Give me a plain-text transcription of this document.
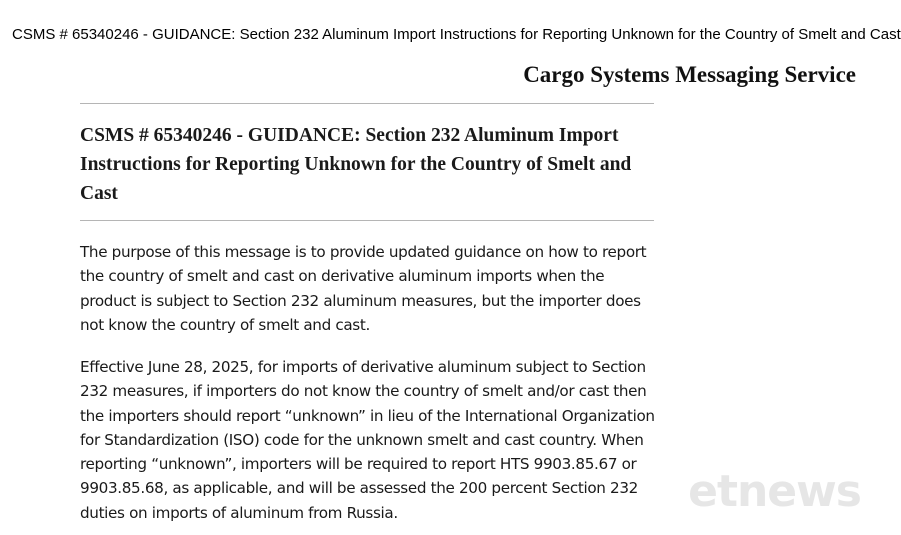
CSMS # 65340246 - GUIDANCE: Section 232 Aluminum Import Instructions for Reporting Unknown for the Country of Smelt and Cast
Cargo Systems Messaging Service
CSMS # 65340246 - GUIDANCE: Section 232 Aluminum Import Instructions for Reporting Unknown for the Country of Smelt and Cast

The purpose of this message is to provide updated guidance on how to report the country of smelt and cast on derivative aluminum imports when the product is subject to Section 232 aluminum measures, but the importer does not know the country of smelt and cast.

Effective June 28, 2025, for imports of derivative aluminum subject to Section 232 measures, if importers do not know the country of smelt and/or cast then the importers should report “unknown” in lieu of the International Organization for Standardization (ISO) code for the unknown smelt and cast country. When reporting “unknown”, importers will be required to report HTS 9903.85.67 or 9903.85.68, as applicable, and will be assessed the 200 percent Section 232 duties on imports of aluminum from Russia.	etnews
